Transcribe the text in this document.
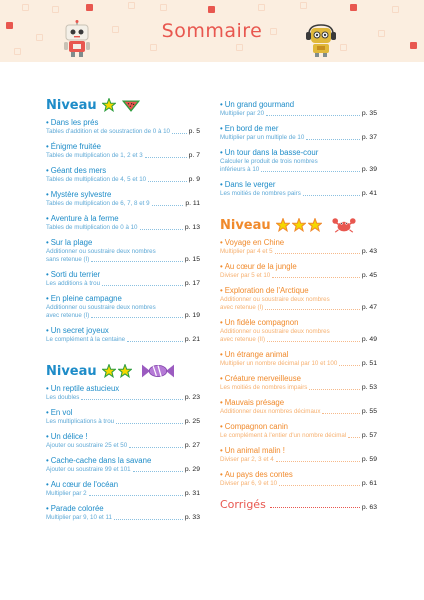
Sommaire
Niveau
• Dans les prés
Tables d'addition et de soustraction de 0 à 10	p. 5
• Énigme fruitée
Tables de multiplication de 1, 2 et 3	p. 7
• Géant des mers
Tables de multiplication de 4, 5 et 10	p. 9
• Mystère sylvestre
Tables de multiplication de 6, 7, 8 et 9	p. 11
• Aventure à la ferme
Tables de multiplication de 0 à 10	p. 13
• Sur la plage
Additionner ou soustraire deux nombres
sans retenue (I)	p. 15
• Sorti du terrier
Les additions à trou	p. 17
• En pleine campagne
Additionner ou soustraire deux nombres
avec retenue (I)	p. 19
• Un secret joyeux
Le complément à la centaine	p. 21
Niveau
• Un reptile astucieux
Les doubles	p. 23
• En vol
Les multiplications à trou	p. 25
• Un délice !
Ajouter ou soustraire 25 et 50	p. 27
• Cache-cache dans la savane
Ajouter ou soustraire 99 et 101	p. 29
• Au cœur de l'océan
Multiplier par 2	p. 31
• Parade colorée
Multiplier par 9, 10 et 11	p. 33
• Un grand gourmand
Multiplier par 20	p. 35
• En bord de mer
Multiplier par un multiple de 10	p. 37
• Un tour dans la basse-cour
Calculer le produit de trois nombres
inférieurs à 10	p. 39
• Dans le verger
Les moitiés de nombres pairs	p. 41
Niveau
• Voyage en Chine
Multiplier par 4 et 5	p. 43
• Au cœur de la jungle
Diviser par 5 et 10	p. 45
• Exploration de l'Arctique
Additionner ou soustraire deux nombres
avec retenue (I)	p. 47
• Un fidèle compagnon
Additionner ou soustraire deux nombres
avec retenue (II)	p. 49
• Un étrange animal
Multiplier un nombre décimal par 10 et 100	p. 51
• Créature merveilleuse
Les moitiés de nombres impairs	p. 53
• Mauvais présage
Additionner deux nombres décimaux	p. 55
• Compagnon canin
Le complément à l'entier d'un nombre décimal p. 57
• Un animal malin !
Diviser par 2, 3 et 4	p. 59
• Au pays des contes
Diviser par 6, 9 et 10	p. 61
Corrigés	p. 63
